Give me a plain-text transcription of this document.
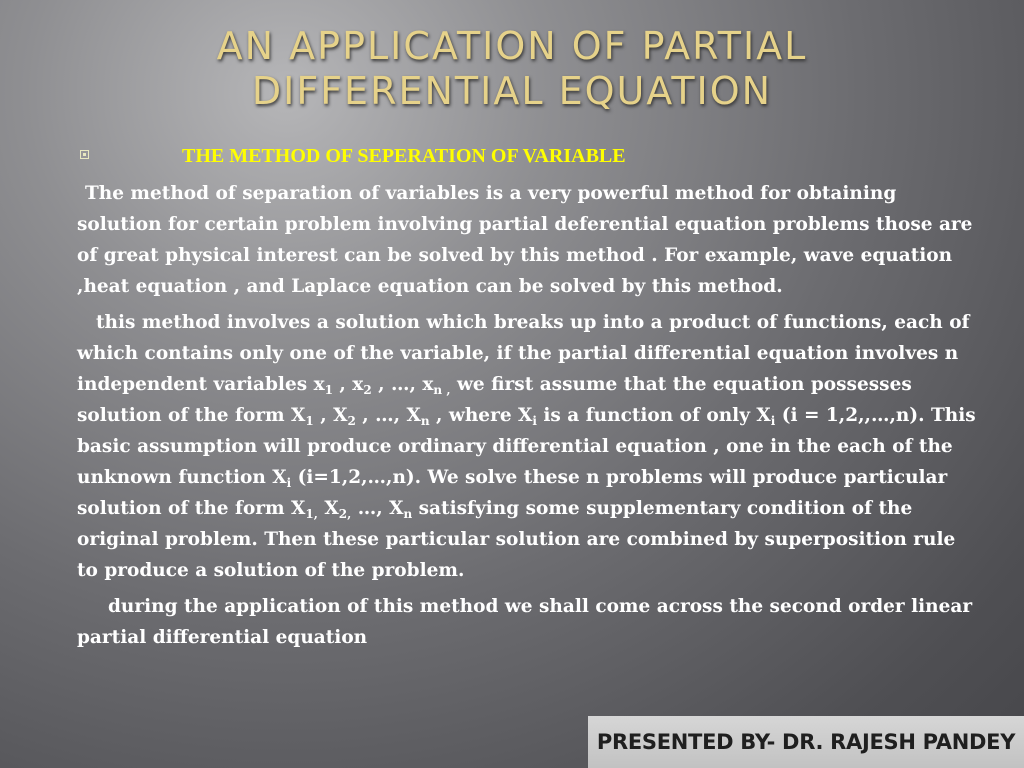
AN APPLICATION OF PARTIAL
DIFFERENTIAL EQUATION
THE METHOD OF SEPERATION OF VARIABLE

The method of separation of variables is a very powerful method for obtaining solution for certain problem involving partial deferential equation problems those are of great physical interest can be solved by this method . For example, wave equation ,heat equation , and Laplace equation can be solved by this method.

this method involves a solution which breaks up into a product of functions, each of which contains only one of the variable, if the partial differential equation involves n independent variables $x_1$ , $x_2$ , …, $x_{n ,}$ we first assume that the equation possesses solution of the form $X_1$ , $X_2$ , …, $X_n$ , where $X_i$ is a function of only $X_i$ (i = 1,2,,…,n). This basic assumption will produce ordinary differential equation , one in the each of the unknown function $X_i$ (i=1,2,…,n). We solve these n problems will produce particular solution of the form $X_{1,}$ $X_{2,}$ …, $X_n$ satisfying some supplementary condition of the original problem. Then these particular solution are combined by superposition rule to produce a solution of the problem.

during the application of this method we shall come across the second order linear partial differential equation

PRESENTED BY- DR. RAJESH PANDEY
